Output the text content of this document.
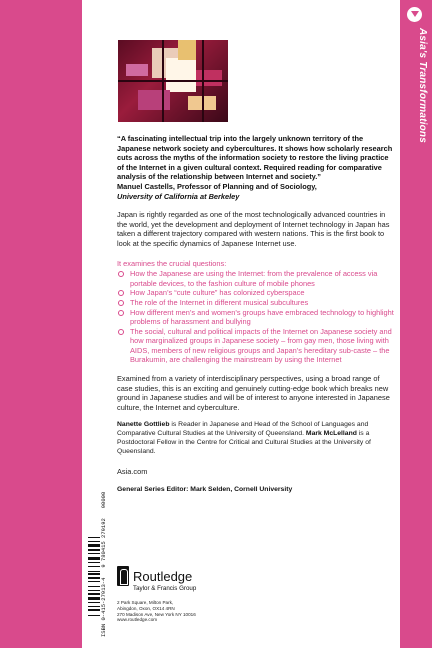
Asia's Transformations
ASIAN STUDIES / CULTURAL STUDIES / JAPANESE STUDIES
“A fascinating intellectual trip into the largely unknown territory of the Japanese network society and cybercultures. It shows how scholarly research cuts across the myths of the information society to restore the living practice of the Internet in a given cultural context. Required reading for comparative analysis of the relationship between Internet and society.”
Manuel Castells, Professor of Planning and of Sociology,
University of California at Berkeley
Japan is rightly regarded as one of the most technologically advanced countries in the world, yet the development and deployment of Internet technology in Japan has taken a different trajectory compared with western nations. This is the first book to look at the specific dynamics of Japanese Internet use.
It examines the crucial questions:
How the Japanese are using the Internet: from the prevalence of access via portable devices, to the fashion culture of mobile phones
How Japan’s “cute culture” has colonized cyberspace
The role of the Internet in different musical subcultures
How different men’s and women’s groups have embraced technology to highlight problems of harassment and bullying
The social, cultural and political impacts of the Internet on Japanese society and how marginalized groups in Japanese society – from gay men, those living with AIDS, members of new religious groups and Japan’s hereditary sub-caste – the Burakumin, are challenging the mainstream by using the Internet
Examined from a variety of interdisciplinary perspectives, using a broad range of case studies, this is an exciting and genuinely cutting-edge book which breaks new ground in Japanese studies and will be of interest to anyone interested in Japanese culture, the Internet and cyberculture.
Nanette Gottlieb is Reader in Japanese and Head of the School of Languages and Comparative Cultural Studies at the University of Queensland. Mark McLelland is a Postdoctoral Fellow in the Centre for Critical and Cultural Studies at the University of Queensland.
Asia.com
General Series Editor: Mark Selden, Cornell University
ISBN 0-415-27913-4   9 780415 279192   90000
Routledge
Taylor & Francis Group
2 Park Square, Milton Park,
Abingdon, Oxon, OX14 4RN
270 Madison Ave, New York NY 10016
www.routledge.com
